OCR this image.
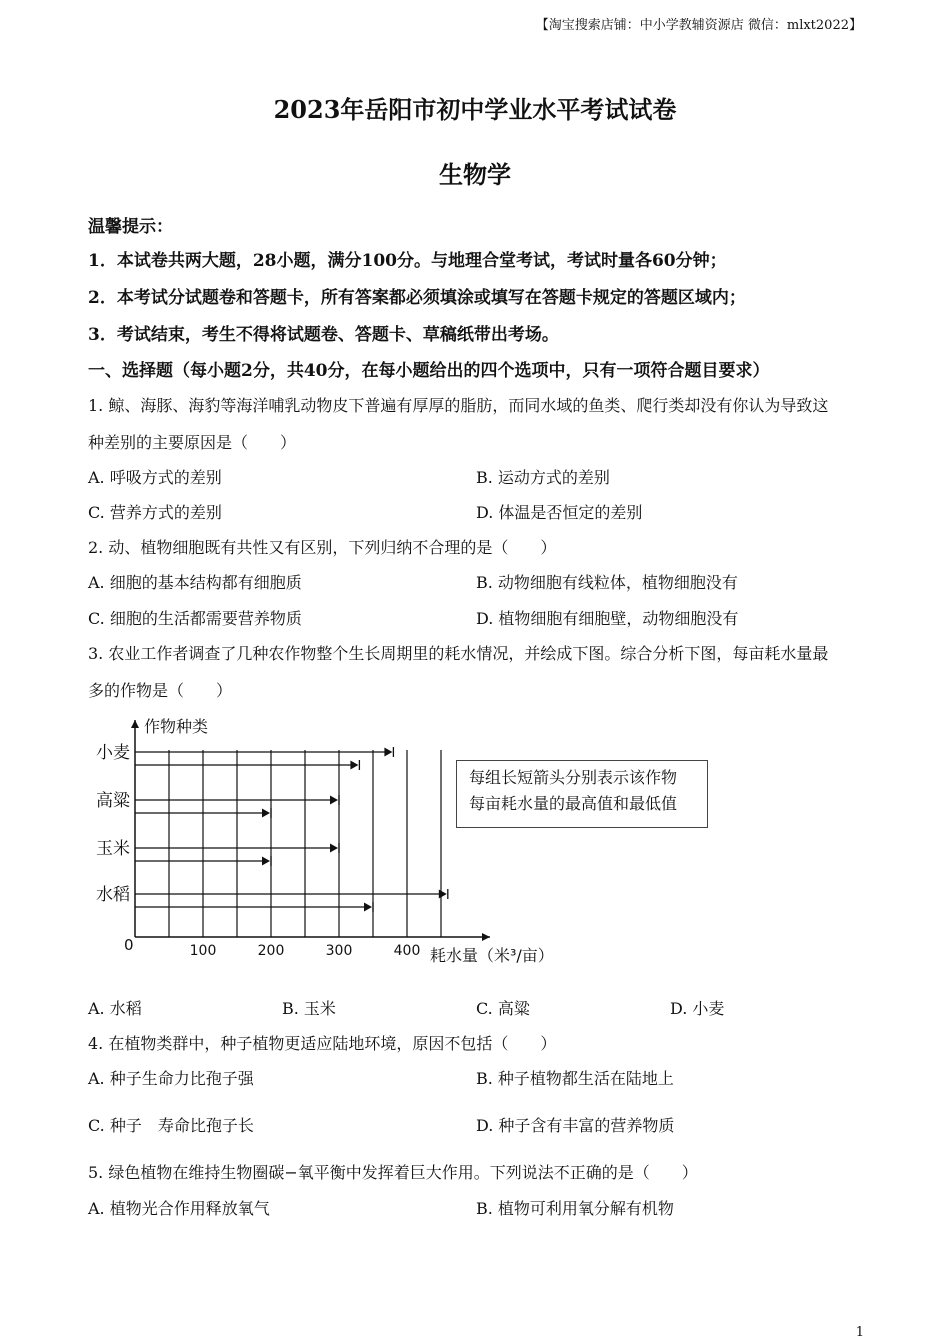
【淘宝搜索店铺：中小学教辅资源店 微信：mlxt2022】
2023年岳阳市初中学业水平考试试卷
生物学
温馨提示：
1．本试卷共两大题，28小题，满分100分。与地理合堂考试，考试时量各60分钟；
2．本考试分试题卷和答题卡，所有答案都必须填涂或填写在答题卡规定的答题区域内；
3．考试结束，考生不得将试题卷、答题卡、草稿纸带出考场。
一、选择题（每小题2分，共40分，在每小题给出的四个选项中，只有一项符合题目要求）
1. 鲸、海豚、海豹等海洋哺乳动物皮下普遍有厚厚的脂肪，而同水域的鱼类、爬行类却没有你认为导致这
种差别的主要原因是（　　）
A. 呼吸方式的差别	B. 运动方式的差别
C. 营养方式的差别	D. 体温是否恒定的差别
2. 动、植物细胞既有共性又有区别，下列归纳不合理的是（　　）
A. 细胞的基本结构都有细胞质	B. 动物细胞有线粒体，植物细胞没有
C. 细胞的生活都需要营养物质	D. 植物细胞有细胞壁，动物细胞没有
3. 农业工作者调查了几种农作物整个生长周期里的耗水情况，并绘成下图。综合分析下图，每亩耗水量最
多的作物是（　　）
作物种类
耗水量（米³/亩）
0	100	200	300	400
小麦
高粱
玉米
水稻
每组长短箭头分别表示该作物
每亩耗水量的最高值和最低值
A. 水稻	B. 玉米	C. 高粱	D. 小麦
4. 在植物类群中，种子植物更适应陆地环境，原因不包括（　　）
A. 种子生命力比孢子强	B. 种子植物都生活在陆地上
C. 种子　寿命比孢子长	D. 种子含有丰富的营养物质
5. 绿色植物在维持生物圈碳−氧平衡中发挥着巨大作用。下列说法不正确的是（　　）
A. 植物光合作用释放氧气	B. 植物可利用氧分解有机物
1
